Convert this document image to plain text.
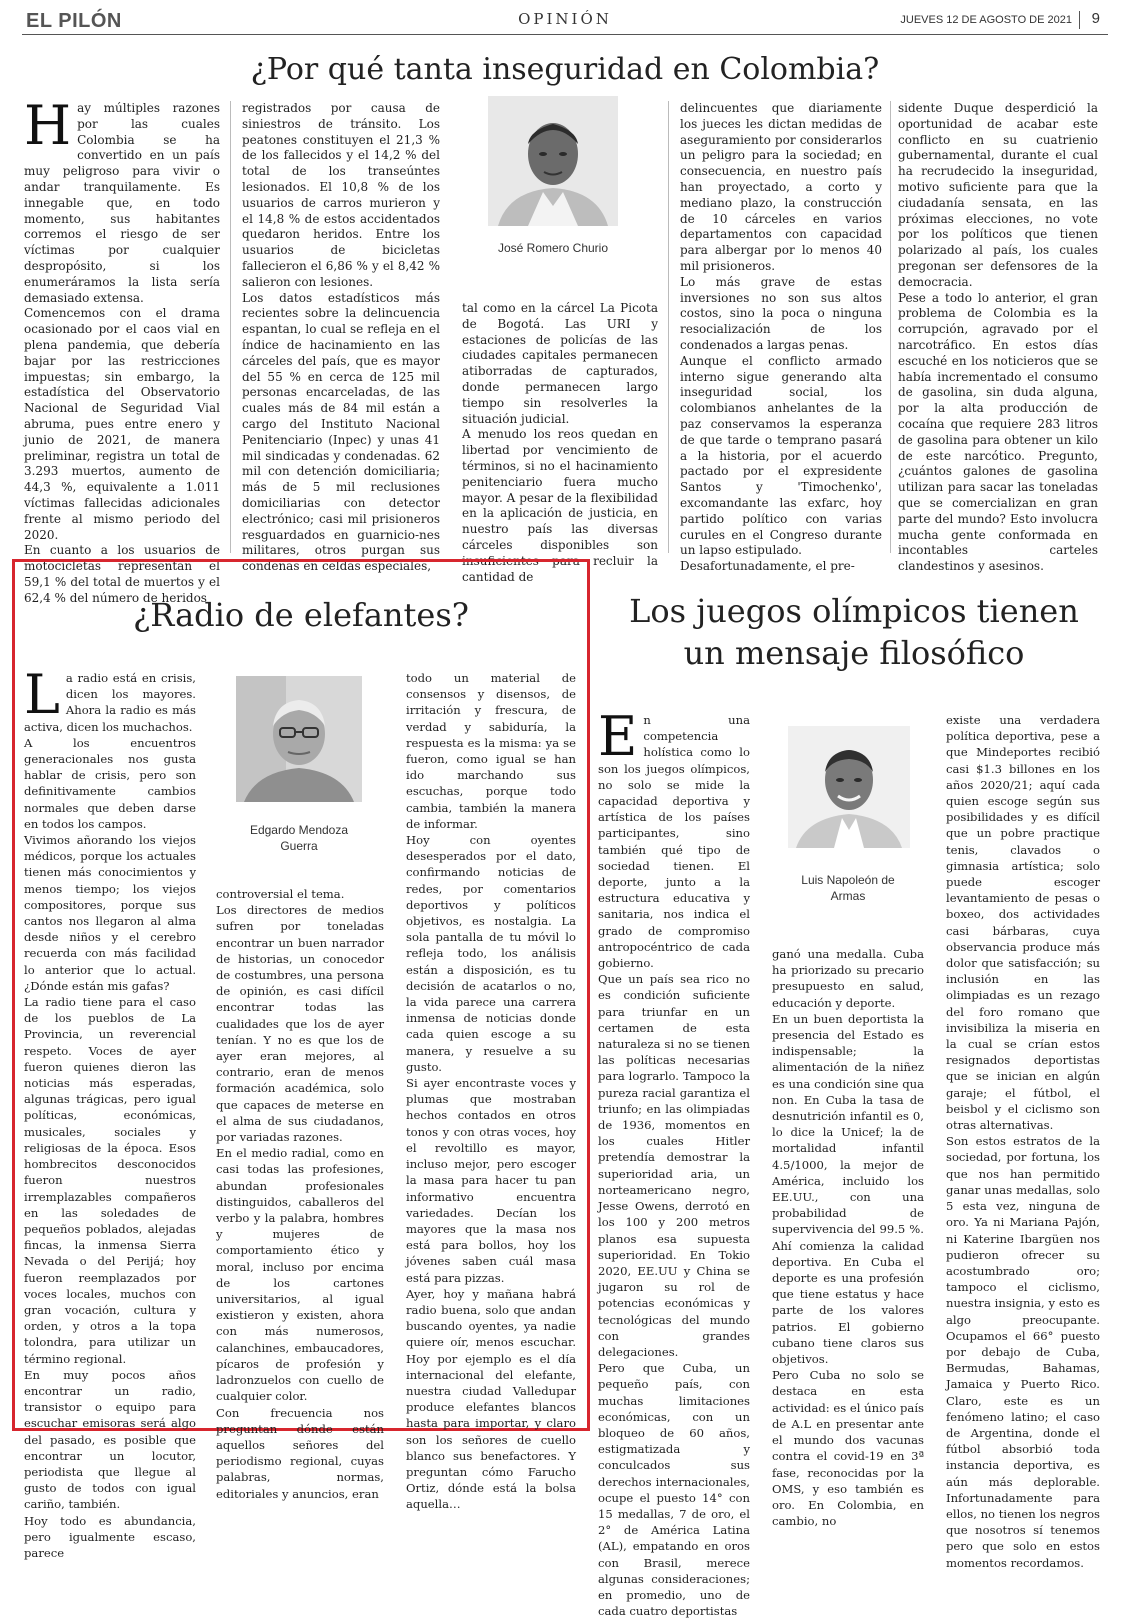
EL PILÓN	OPINIÓN	JUEVES 12 DE AGOSTO DE 2021 9
¿Por qué tanta inseguridad en Colombia?
H ay múltiples razones por las cuales Colombia se ha convertido en un país muy peligroso para vivir o andar tranquilamente. Es innegable que, en todo momento, sus habitantes corremos el riesgo de ser víctimas por cualquier despropósito, si los enumeráramos la lista sería demasiado extensa.
Comencemos con el drama ocasionado por el caos vial en plena pandemia, que debería bajar por las restricciones impuestas; sin embargo, la estadística del Observatorio Nacional de Seguridad Vial abruma, pues entre enero y junio de 2021, de manera preliminar, registra un total de 3.293 muertos, aumento de 44,3 %, equivalente a 1.011 víctimas fallecidas adicionales frente al mismo periodo del 2020.
En cuanto a los usuarios de motocicletas representan el 59,1 % del total de muertos y el 62,4 % del número de heridos
registrados por causa de siniestros de tránsito. Los peatones constituyen el 21,3 % de los fallecidos y el 14,2 % del total de los transeúntes lesionados. El 10,8 % de los usuarios de carros murieron y el 14,8 % de estos accidentados quedaron heridos. Entre los usuarios de bicicletas fallecieron el 6,86 % y el 8,42 % salieron con lesiones.
Los datos estadísticos más recientes sobre la delincuencia espantan, lo cual se refleja en el índice de hacinamiento en las cárceles del país, que es mayor del 55 % en cerca de 125 mil personas encarceladas, de las cuales más de 84 mil están a cargo del Instituto Nacional Penitenciario (Inpec) y unas 41 mil sindicadas y condenadas. 62 mil con detención domiciliaria; más de 5 mil reclusiones domiciliarias con detector electrónico; casi mil prisioneros resguardados en guarnicio-nes militares, otros purgan sus condenas en celdas especiales,
José Romero Churio
tal como en la cárcel La Picota de Bogotá. Las URI y estaciones de policías de las ciudades capitales permanecen atiborradas de capturados, donde permanecen largo tiempo sin resolverles la situación judicial.
A menudo los reos quedan en libertad por vencimiento de términos, si no el hacinamiento penitenciario fuera mucho mayor. A pesar de la flexibilidad en la aplicación de justicia, en nuestro país las diversas cárceles disponibles son insuficientes para recluir la cantidad de
delincuentes que diariamente los jueces les dictan medidas de aseguramiento por considerarlos un peligro para la sociedad; en consecuencia, en nuestro país han proyectado, a corto y mediano plazo, la construcción de 10 cárceles en varios departamentos con capacidad para albergar por lo menos 40 mil prisioneros.
Lo más grave de estas inversiones no son sus altos costos, sino la poca o ninguna resocialización de los condenados a largas penas.
Aunque el conflicto armado interno sigue generando alta inseguridad social, los colombianos anhelantes de la paz conservamos la esperanza de que tarde o temprano pasará a la historia, por el acuerdo pactado por el expresidente Santos y 'Timochenko', excomandante las exfarc, hoy partido político con varias curules en el Congreso durante un lapso estipulado.
Desafortunadamente, el pre-
sidente Duque desperdició la oportunidad de acabar este conflicto en su cuatrienio gubernamental, durante el cual ha recrudecido la inseguridad, motivo suficiente para que la ciudadanía sensata, en las próximas elecciones, no vote por los políticos que tienen polarizado al país, los cuales pregonan ser defensores de la democracia.
Pese a todo lo anterior, el gran problema de Colombia es la corrupción, agravado por el narcotráfico. En estos días escuché en los noticieros que se había incrementado el consumo de gasolina, sin duda alguna, por la alta producción de cocaína que requiere 283 litros de gasolina para obtener un kilo de este narcótico. Pregunto, ¿cuántos galones de gasolina utilizan para sacar las toneladas que se comercializan en gran parte del mundo? Esto involucra mucha gente conformada en incontables carteles clandestinos y asesinos.
¿Radio de elefantes?
L a radio está en crisis, dicen los mayores. Ahora la radio es más activa, dicen los muchachos.
A los encuentros generacionales nos gusta hablar de crisis, pero son definitivamente cambios normales que deben darse en todos los campos.
Vivimos añorando los viejos médicos, porque los actuales tienen más conocimientos y menos tiempo; los viejos compositores, porque sus cantos nos llegaron al alma desde niños y el cerebro recuerda con más facilidad lo anterior que lo actual. ¿Dónde están mis gafas?
La radio tiene para el caso de los pueblos de La Provincia, un reverencial respeto. Voces de ayer fueron quienes dieron las noticias más esperadas, algunas trágicas, pero igual políticas, económicas, musicales, sociales y religiosas de la época. Esos hombrecitos desconocidos fueron nuestros irremplazables compañeros en las soledades de pequeños poblados, alejadas fincas, la inmensa Sierra Nevada o del Perijá; hoy fueron reemplazados por voces locales, muchos con gran vocación, cultura y orden, y otros a la topa tolondra, para utilizar un término regional.
En muy pocos años encontrar un radio, transistor o equipo para escuchar emisoras será algo del pasado, es posible que encontrar un locutor, periodista que llegue al gusto de todos con igual cariño, también.
Hoy todo es abundancia, pero igualmente escaso, parece
Edgardo Mendoza
Guerra
controversial el tema.
Los directores de medios sufren por toneladas encontrar un buen narrador de historias, un conocedor de costumbres, una persona de opinión, es casi difícil encontrar todas las cualidades que los de ayer tenían. Y no es que los de ayer eran mejores, al contrario, eran de menos formación académica, solo que capaces de meterse en el alma de sus ciudadanos, por variadas razones.
En el medio radial, como en casi todas las profesiones, abundan profesionales distinguidos, caballeros del verbo y la palabra, hombres y mujeres de comportamiento ético y moral, incluso por encima de los cartones universitarios, al igual existieron y existen, ahora con más numerosos, calanchines, embaucadores, pícaros de profesión y ladronzuelos con cuello de cualquier color.
Con frecuencia nos preguntan dónde están aquellos señores del periodismo regional, cuyas palabras, normas, editoriales y anuncios, eran
todo un material de consensos y disensos, de irritación y frescura, de verdad y sabiduría, la respuesta es la misma: ya se fueron, como igual se han ido marchando sus escuchas, porque todo cambia, también la manera de informar.
Hoy con oyentes desesperados por el dato, confirmando noticias de redes, por comentarios deportivos y políticos objetivos, es nostalgia. La sola pantalla de tu móvil lo refleja todo, los análisis están a disposición, es tu decisión de acatarlos o no, la vida parece una carrera inmensa de noticias donde cada quien escoge a su manera, y resuelve a su gusto.
Si ayer encontraste voces y plumas que mostraban hechos contados en otros tonos y con otras voces, hoy el revoltillo es mayor, incluso mejor, pero escoger la masa para hacer tu pan informativo encuentra variedades. Decían los mayores que la masa nos está para bollos, hoy los jóvenes saben cuál masa está para pizzas.
Ayer, hoy y mañana habrá radio buena, solo que andan buscando oyentes, ya nadie quiere oír, menos escuchar. Hoy por ejemplo es el día internacional del elefante, nuestra ciudad Valledupar produce elefantes blancos hasta para importar, y claro son los señores de cuello blanco sus benefactores. Y preguntan cómo Farucho Ortiz, dónde está la bolsa aquella…
Los juegos olímpicos tienen
un mensaje filosófico
E n una competencia holística como lo son los juegos olímpicos, no solo se mide la capacidad deportiva y artística de los países participantes, sino también qué tipo de sociedad tienen. El deporte, junto a la estructura educativa y sanitaria, nos indica el grado de compromiso antropocéntrico de cada gobierno.
Que un país sea rico no es condición suficiente para triunfar en un certamen de esta naturaleza si no se tienen las políticas necesarias para lograrlo. Tampoco la pureza racial garantiza el triunfo; en las olimpiadas de 1936, momentos en los cuales Hitler pretendía demostrar la superioridad aria, un norteamericano negro, Jesse Owens, derrotó en los 100 y 200 metros planos esa supuesta superioridad. En Tokio 2020, EE.UU y China se jugaron su rol de potencias económicas y tecnológicas del mundo con grandes delegaciones.
Pero que Cuba, un pequeño país, con muchas limitaciones económicas, con un bloqueo de 60 años, estigmatizada y conculcados sus derechos internacionales, ocupe el puesto 14° con 15 medallas, 7 de oro, el 2° de América Latina (AL), empatando en oros con Brasil, merece algunas consideraciones; en promedio, uno de cada cuatro deportistas
Luis Napoleón de
Armas
ganó una medalla. Cuba ha priorizado su precario presupuesto en salud, educación y deporte.
En un buen deportista la presencia del Estado es indispensable; la alimentación de la niñez es una condición sine qua non. En Cuba la tasa de desnutrición infantil es 0, lo dice la Unicef; la de mortalidad infantil 4.5/1000, la mejor de América, incluido los EE.UU., con una probabilidad de supervivencia del 99.5 %. Ahí comienza la calidad deportiva. En Cuba el deporte es una profesión que tiene estatus y hace parte de los valores patrios. El gobierno cubano tiene claros sus objetivos.
Pero Cuba no solo se destaca en esta actividad: es el único país de A.L en presentar ante el mundo dos vacunas contra el covid-19 en 3ª fase, reconocidas por la OMS, y eso también es oro. En Colombia, en cambio, no
existe una verdadera política deportiva, pese a que Mindeportes recibió casi $1.3 billones en los años 2020/21; aquí cada quien escoge según sus posibilidades y es difícil que un pobre practique tenis, clavados o gimnasia artística; solo puede escoger levantamiento de pesas o boxeo, dos actividades casi bárbaras, cuya observancia produce más dolor que satisfacción; su inclusión en las olimpiadas es un rezago del foro romano que invisibiliza la miseria en la cual se crían estos resignados deportistas que se inician en algún garaje; el fútbol, el beisbol y el ciclismo son otras alternativas.
Son estos estratos de la sociedad, por fortuna, los que nos han permitido ganar unas medallas, solo 5 esta vez, ninguna de oro. Ya ni Mariana Pajón, ni Katerine Ibargüen nos pudieron ofrecer su acostumbrado oro; tampoco el ciclismo, nuestra insignia, y esto es algo preocupante. Ocupamos el 66° puesto por debajo de Cuba, Bermudas, Bahamas, Jamaica y Puerto Rico. Claro, este es un fenómeno latino; el caso de Argentina, donde el fútbol absorbió toda instancia deportiva, es aún más deplorable. Infortunadamente para ellos, no tienen los negros que nosotros sí tenemos pero que solo en estos momentos recordamos.
